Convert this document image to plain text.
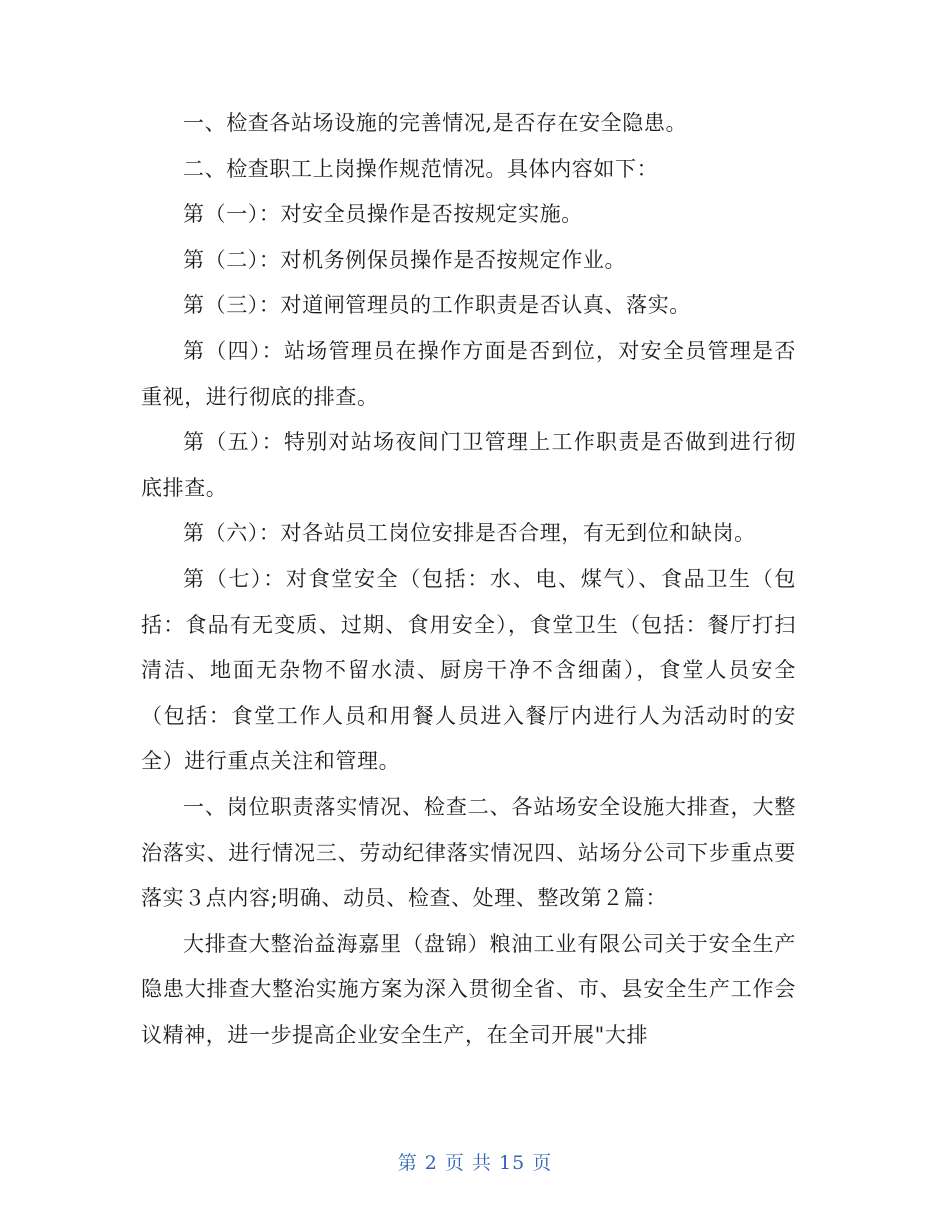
一、检查各站场设施的完善情况,是否存在安全隐患。

二、检查职工上岗操作规范情况。具体内容如下：

第（一）：对安全员操作是否按规定实施。

第（二）：对机务例保员操作是否按规定作业。

第（三）：对道闸管理员的工作职责是否认真、落实。

第（四）：站场管理员在操作方面是否到位，对安全员管理是否重视，进行彻底的排查。

第（五）：特别对站场夜间门卫管理上工作职责是否做到进行彻底排查。

第（六）：对各站员工岗位安排是否合理，有无到位和缺岗。

第（七）：对食堂安全（包括：水、电、煤气）、食品卫生（包括：食品有无变质、过期、食用安全），食堂卫生（包括：餐厅打扫清洁、地面无杂物不留水渍、厨房干净不含细菌），食堂人员安全（包括：食堂工作人员和用餐人员进入餐厅内进行人为活动时的安全）进行重点关注和管理。

一、岗位职责落实情况、检查二、各站场安全设施大排查，大整治落实、进行情况三、劳动纪律落实情况四、站场分公司下步重点要落实３点内容;明确、动员、检查、处理、整改第２篇：

大排查大整治益海嘉里（盘锦）粮油工业有限公司关于安全生产隐患大排查大整治实施方案为深入贯彻全省、市、县安全生产工作会议精神，进一步提高企业安全生产，在全司开展"大排

第 2 页 共 15 页
